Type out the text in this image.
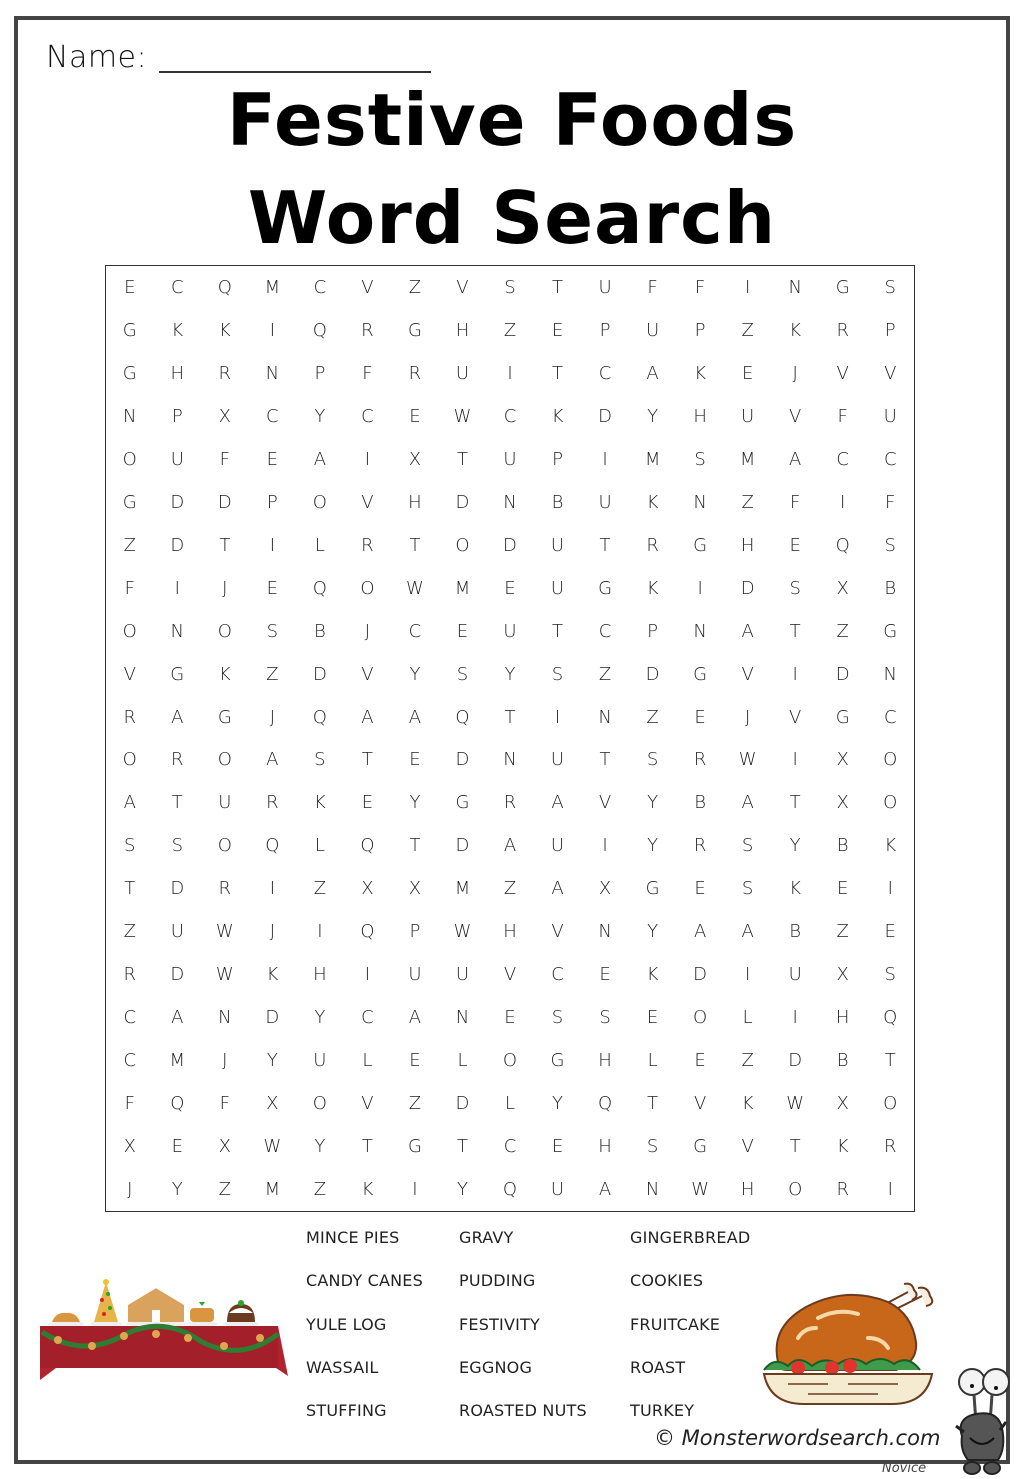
Name:
Festive Foods
Word Search
E	C	Q	M	C	V	Z	V	S	T	U	F	F	I	N	G	S
G	K	K	I	Q	R	G	H	Z	E	P	U	P	Z	K	R	P
G	H	R	N	P	F	R	U	I	T	C	A	K	E	J	V	V
N	P	X	C	Y	C	E	W	C	K	D	Y	H	U	V	F	U
O	U	F	E	A	I	X	T	U	P	I	M	S	M	A	C	C
G	D	D	P	O	V	H	D	N	B	U	K	N	Z	F	I	F
Z	D	T	I	L	R	T	O	D	U	T	R	G	H	E	Q	S
F	I	J	E	Q	O	W	M	E	U	G	K	I	D	S	X	B
O	N	O	S	B	J	C	E	U	T	C	P	N	A	T	Z	G
V	G	K	Z	D	V	Y	S	Y	S	Z	D	G	V	I	D	N
R	A	G	J	Q	A	A	Q	T	I	N	Z	E	J	V	G	C
O	R	O	A	S	T	E	D	N	U	T	S	R	W	I	X	O
A	T	U	R	K	E	Y	G	R	A	V	Y	B	A	T	X	O
S	S	O	Q	L	Q	T	D	A	U	I	Y	R	S	Y	B	K
T	D	R	I	Z	X	X	M	Z	A	X	G	E	S	K	E	I
Z	U	W	J	I	Q	P	W	H	V	N	Y	A	A	B	Z	E
R	D	W	K	H	I	U	U	V	C	E	K	D	I	U	X	S
C	A	N	D	Y	C	A	N	E	S	S	E	O	L	I	H	Q
C	M	J	Y	U	L	E	L	O	G	H	L	E	Z	D	B	T
F	Q	F	X	O	V	Z	D	L	Y	Q	T	V	K	W	X	O
X	E	X	W	Y	T	G	T	C	E	H	S	G	V	T	K	R
J	Y	Z	M	Z	K	I	Y	Q	U	A	N	W	H	O	R	I
MINCE PIES	GRAVY	GINGERBREAD
CANDY CANES	PUDDING	COOKIES
YULE LOG	FESTIVITY	FRUITCAKE
WASSAIL	EGGNOG	ROAST
STUFFING	ROASTED NUTS	TURKEY
© Monsterwordsearch.com
Novice
